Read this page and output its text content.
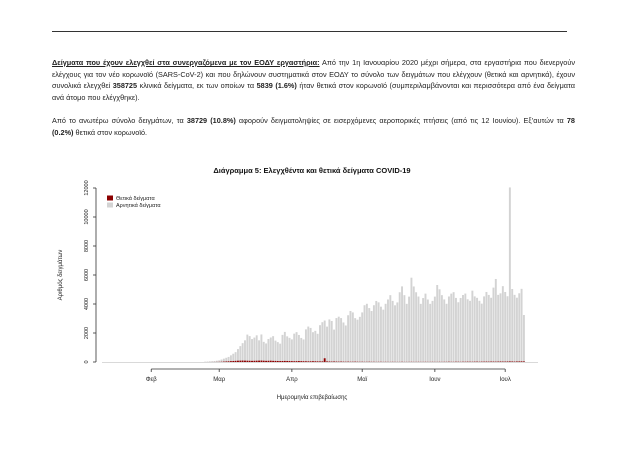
Δείγματα που έχουν ελεγχθεί στα συνεργαζόμενα με τον ΕΟΔΥ εργαστήρια: Από την 1η Ιανουαρίου 2020 μέχρι σήμερα, στα εργαστήρια που διενεργούν ελέγχους για τον νέο κορωνοϊό (SARS-CoV-2) και που δηλώνουν συστηματικά στον ΕΟΔΥ το σύνολο των δειγμάτων που ελέγχουν (θετικά και αρνητικά), έχουν συνολικά ελεγχθεί 358725 κλινικά δείγματα, εκ των οποίων τα 5839 (1.6%) ήταν θετικά στον κορωνοϊό (συμπεριλαμβάνονται και περισσότερα από ένα δείγματα ανά άτομο που ελέγχθηκε).

Από το ανωτέρω σύνολο δειγμάτων, τα 38729 (10.8%) αφορούν δειγματοληψίες σε εισερχόμενες αεροπορικές πτήσεις (από τις 12 Ιουνίου). Εξ’αυτών τα 78 (0.2%) θετικά στον κορωνοϊό.

Διάγραμμα 5: Ελεγχθέντα και θετικά δείγματα COVID-19
0
2000
4000
6000
8000
10000
12000
Φεβ	Μαρ	Απρ	Μαϊ	Ιουν	Ιουλ
Αριθμός δειγμάτων
Ημερομηνία επιβεβαίωσης
Θετικά δείγματα
Αρνητικά δείγματα
